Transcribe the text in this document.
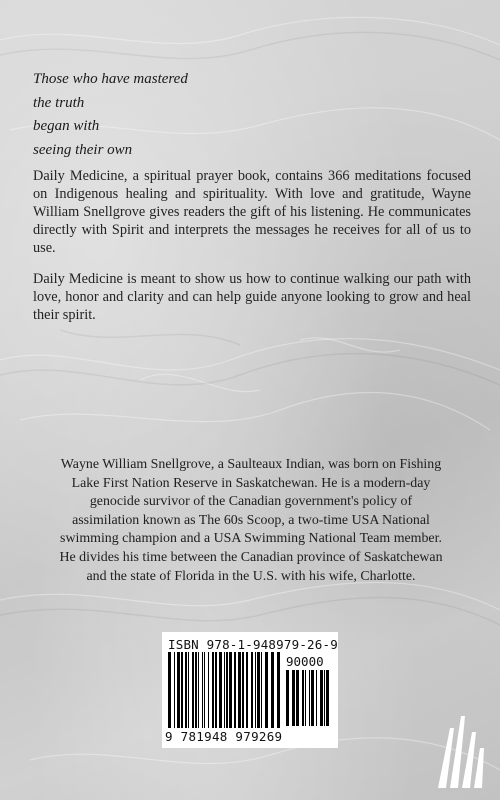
Those who have mastered
the truth
began with
seeing their own

Daily Medicine, a spiritual prayer book, contains 366 meditations focused on Indigenous healing and spirituality. With love and gratitude, Wayne William Snellgrove gives readers the gift of his listening. He communicates directly with Spirit and interprets the messages he receives for all of us to use.

Daily Medicine is meant to show us how to continue walking our path with love, honor and clarity and can help guide anyone looking to grow and heal their spirit.

Wayne William Snellgrove, a Saulteaux Indian, was born on Fishing Lake First Nation Reserve in Saskatchewan. He is a modern-day genocide survivor of the Canadian government's policy of assimilation known as The 60s Scoop, a two-time USA National swimming champion and a USA Swimming National Team member. He divides his time between the Canadian province of Saskatchewan and the state of Florida in the U.S. with his wife, Charlotte.

ISBN 978-1-948979-26-9
90000
9 781948 979269
